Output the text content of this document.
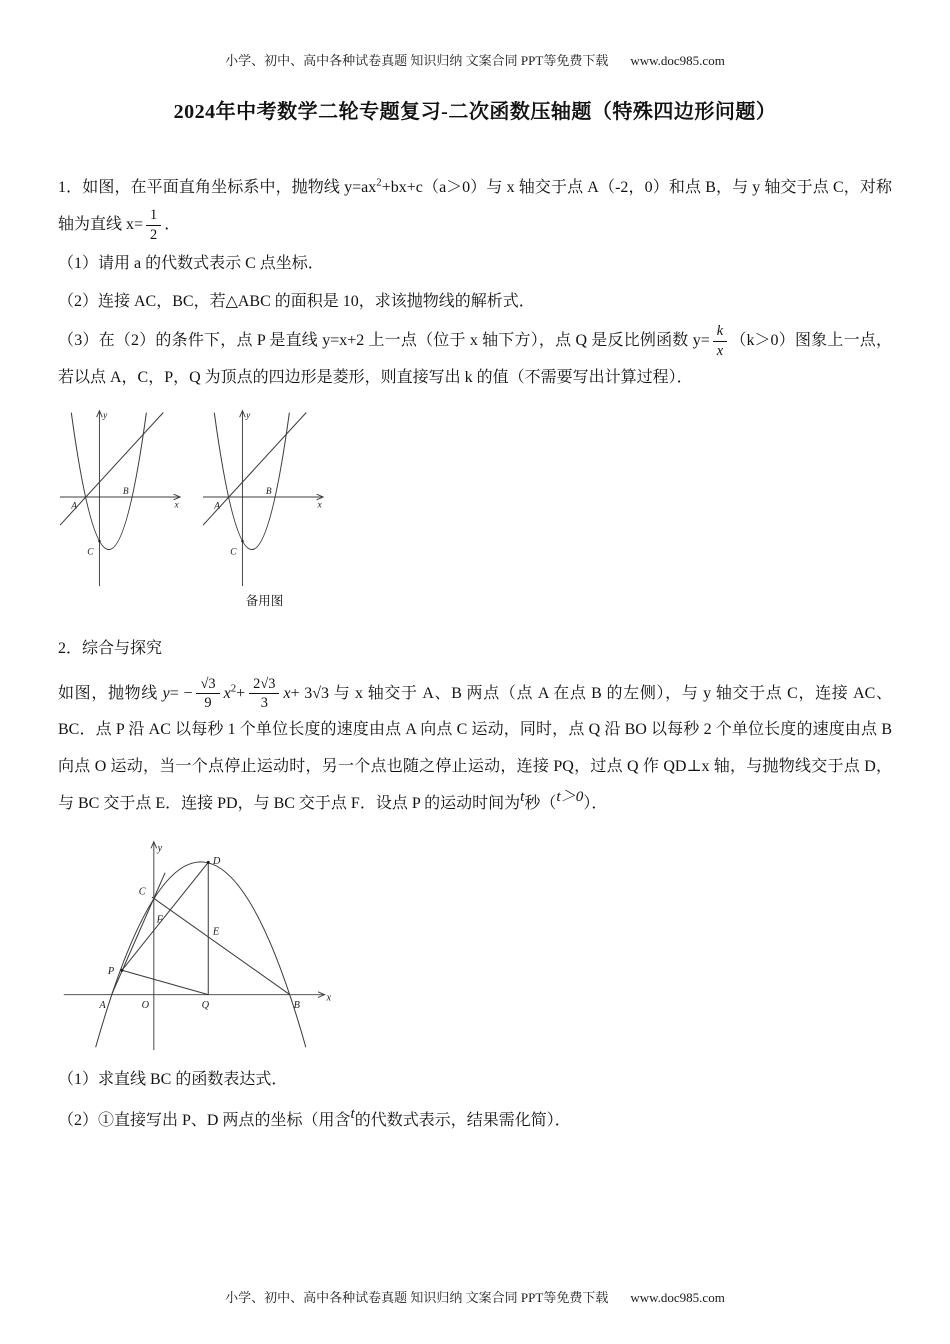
小学、初中、高中各种试卷真题 知识归纳 文案合同 PPT等免费下载 www.doc985.com
2024年中考数学二轮专题复习-二次函数压轴题（特殊四边形问题）

1．如图，在平面直角坐标系中，抛物线 $y=ax^2+bx+c(a>0)$与 x 轴交于点 A（-2，0）和点 B，与 y 轴交于点 C，对称轴为直线 $x= \frac{1}{2}$ ．

（1）请用 a 的代数式表示 C 点坐标．

（2）连接 AC，BC，若△ABC 的面积是 10，求该抛物线的解析式．

（3）在（2）的条件下，点 P 是直线 y=x+2 上一点（位于 x 轴下方），点 Q 是反比例函数 $y= \frac{k}{x} (k>0)$图象上一点，若以点 A，C，P，Q 为顶点的四边形是菱形，则直接写出 k 的值（不需要写出计算过程）．

y
x
A
B
C
y
x
A
B
C
备用图

2．综合与探究

如图，抛物线 $y= - \frac{√3}{9} x^2+ \frac{2√3}{3} x+ 3√3$ 与 x 轴交于 A、B 两点（点 A 在点 B 的左侧），与 y 轴交于点 C，连接 AC、BC．点 P 沿 AC 以每秒 1 个单位长度的速度由点 A 向点 C 运动，同时，点 Q 沿 BO 以每秒 2 个单位长度的速度由点 B 向点 O 运动，当一个点停止运动时，另一个点也随之停止运动，连接 PQ，过点 Q 作 QD⊥x 轴，与抛物线交于点 D，与 BC 交于点 E．连接 PD，与 BC 交于点 F．设点 P 的运动时间为t秒（t＞0）．

y
x
O
A	Q	B
C
D
E
F
P

（1）求直线 BC 的函数表达式．

（2）①直接写出 P、D 两点的坐标（用含t的代数式表示，结果需化简）．

小学、初中、高中各种试卷真题 知识归纳 文案合同 PPT等免费下载 www.doc985.com
